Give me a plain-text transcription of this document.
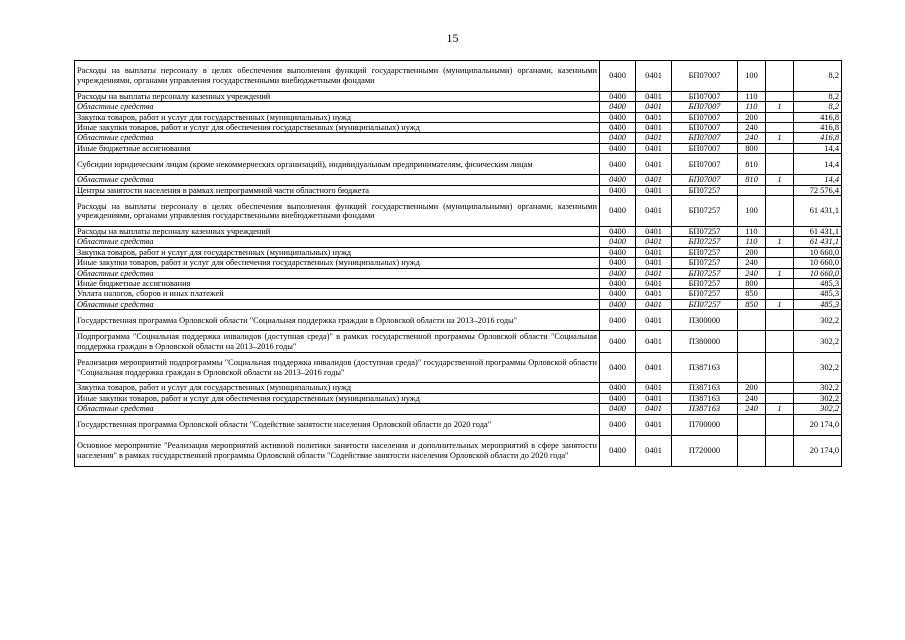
15
Расходы на выплаты персоналу в целях обеспечения выполнения функций государственными (муниципальными) органами, казенными учреждениями, органами управления государственными внебюджетными фондами	0400	0401	БП07007	100		8,2
Расходы на выплаты персоналу казенных учреждений	0400	0401	БП07007	110		8,2
Областные средства	0400	0401	БП07007	110	1	8,2
Закупка товаров, работ и услуг для государственных (муниципальных) нужд	0400	0401	БП07007	200		416,8
Иные закупки товаров, работ и услуг для обеспечения государственных (муниципальных) нужд	0400	0401	БП07007	240		416,8
Областные средства	0400	0401	БП07007	240	1	416,8
Иные бюджетные ассигнования	0400	0401	БП07007	800		14,4
Субсидии юридическим лицам (кроме некоммерческих организаций), индивидуальным предпринимателям, физическим лицам	0400	0401	БП07007	810		14,4
Областные средства	0400	0401	БП07007	810	1	14,4
Центры занятости населения в рамках непрограммной части областного бюджета	0400	0401	БП07257			72 576,4
Расходы на выплаты персоналу в целях обеспечения выполнения функций государственными (муниципальными) органами, казенными учреждениями, органами управления государственными внебюджетными фондами	0400	0401	БП07257	100		61 431,1
Расходы на выплаты персоналу казенных учреждений	0400	0401	БП07257	110		61 431,1
Областные средства	0400	0401	БП07257	110	1	61 431,1
Закупка товаров, работ и услуг для государственных (муниципальных) нужд	0400	0401	БП07257	200		10 660,0
Иные закупки товаров, работ и услуг для обеспечения государственных (муниципальных) нужд	0400	0401	БП07257	240		10 660,0
Областные средства	0400	0401	БП07257	240	1	10 660,0
Иные бюджетные ассигнования	0400	0401	БП07257	800		485,3
Уплата налогов, сборов и иных платежей	0400	0401	БП07257	850		485,3
Областные средства	0400	0401	БП07257	850	1	485,3
Государственная программа Орловской области "Социальная поддержка граждан в Орловской области на 2013–2016 годы"	0400	0401	П300000			302,2
Подпрограмма "Социальная поддержка инвалидов (доступная среда)" в рамках государственной программы Орловской области "Социальная поддержка граждан в Орловской области на 2013–2016 годы"	0400	0401	П380000			302,2
Реализация мероприятий подпрограммы "Социальная поддержка инвалидов (доступная среда)" государственной программы Орловской области "Социальная поддержка граждан в Орловской области на 2013–2016 годы"	0400	0401	П387163			302,2
Закупка товаров, работ и услуг для государственных (муниципальных) нужд	0400	0401	П387163	200		302,2
Иные закупки товаров, работ и услуг для обеспечения государственных (муниципальных) нужд	0400	0401	П387163	240		302,2
Областные средства	0400	0401	П387163	240	1	302,2
Государственная программа Орловской области "Содействие занятости населения Орловской области до 2020 года"	0400	0401	П700000			20 174,0
Основное мероприятие "Реализация мероприятий активной политики занятости населения и дополнительных мероприятий в сфере занятости населения" в рамках государственной программы Орловской области "Содействие занятости населения Орловской области до 2020 года"	0400	0401	П720000			20 174,0
